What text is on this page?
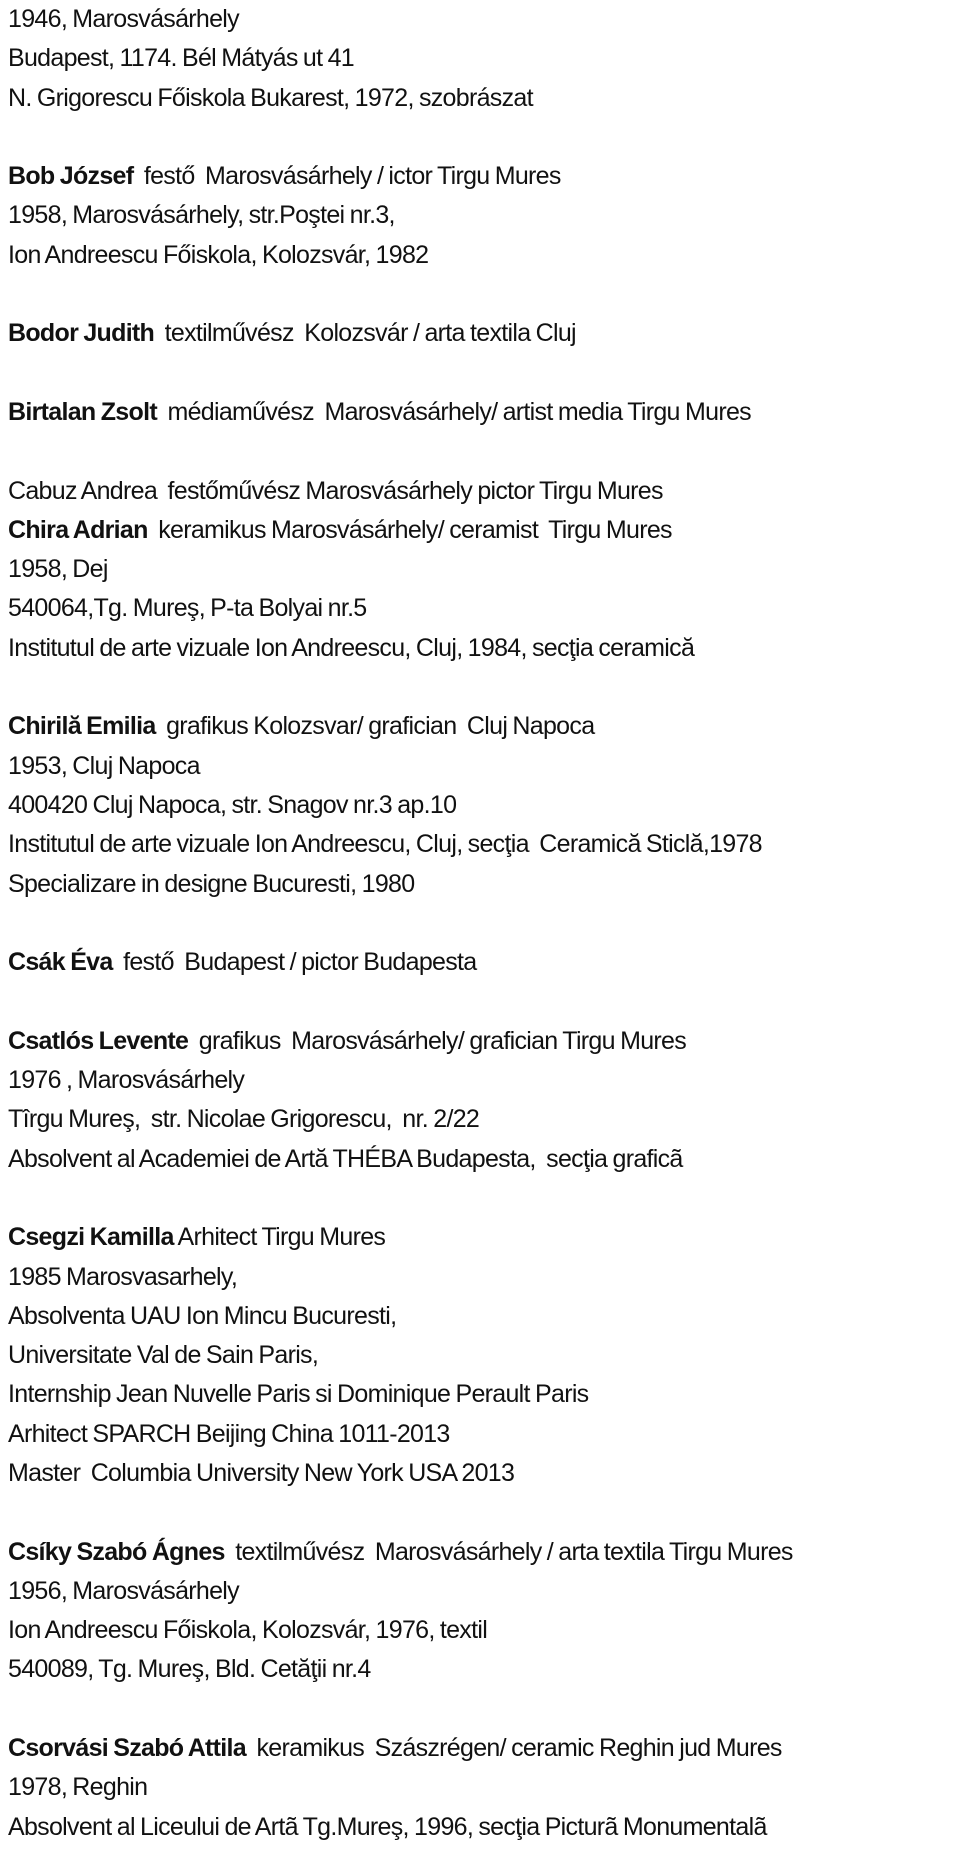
1946, Marosvásárhely
Budapest, 1174. Bél Mátyás ut 41
N. Grigorescu Főiskola Bukarest, 1972, szobrászat
Bob József  festő  Marosvásárhely / ictor Tirgu Mures
1958, Marosvásárhely, str.Poştei nr.3,
Ion Andreescu Főiskola, Kolozsvár, 1982
Bodor Judith  textilművész  Kolozsvár / arta textila Cluj
Birtalan Zsolt  médiaművész  Marosvásárhely/ artist media Tirgu Mures
Cabuz Andrea  festőművész Marosvásárhely pictor Tirgu Mures
Chira Adrian  keramikus Marosvásárhely/ ceramist  Tirgu Mures
1958, Dej
540064,Tg. Mureş, P-ta Bolyai nr.5
Institutul de arte vizuale Ion Andreescu, Cluj, 1984, secţia ceramică
Chirilă Emilia  grafikus Kolozsvar/ grafician  Cluj Napoca
1953, Cluj Napoca
400420 Cluj Napoca, str. Snagov nr.3 ap.10
Institutul de arte vizuale Ion Andreescu, Cluj, secţia  Ceramică Sticlă,1978
Specializare in designe Bucuresti, 1980
Csák Éva  festő  Budapest / pictor Budapesta
Csatlós Levente  grafikus  Marosvásárhely/ grafician Tirgu Mures
1976 , Marosvásárhely
Tîrgu Mureş,  str. Nicolae Grigorescu,  nr. 2/22
Absolvent al Academiei de Artă THÉBA Budapesta,  secţia graficã
Csegzi Kamilla Arhitect Tirgu Mures
1985 Marosvasarhely,
Absolventa UAU Ion Mincu Bucuresti,
Universitate Val de Sain Paris,
Internship Jean Nuvelle Paris si Dominique Perault Paris
Arhitect SPARCH Beijing China 1011-2013
Master  Columbia University New York USA 2013
Csíky Szabó Ágnes  textilművész  Marosvásárhely / arta textila Tirgu Mures
1956, Marosvásárhely
Ion Andreescu Főiskola, Kolozsvár, 1976, textil
540089, Tg. Mureş, Bld. Cetăţii nr.4
Csorvási Szabó Attila  keramikus  Szászrégen/ ceramic Reghin jud Mures
1978, Reghin
Absolvent al Liceului de Artã Tg.Mureş, 1996, secţia Picturã Monumentalã
